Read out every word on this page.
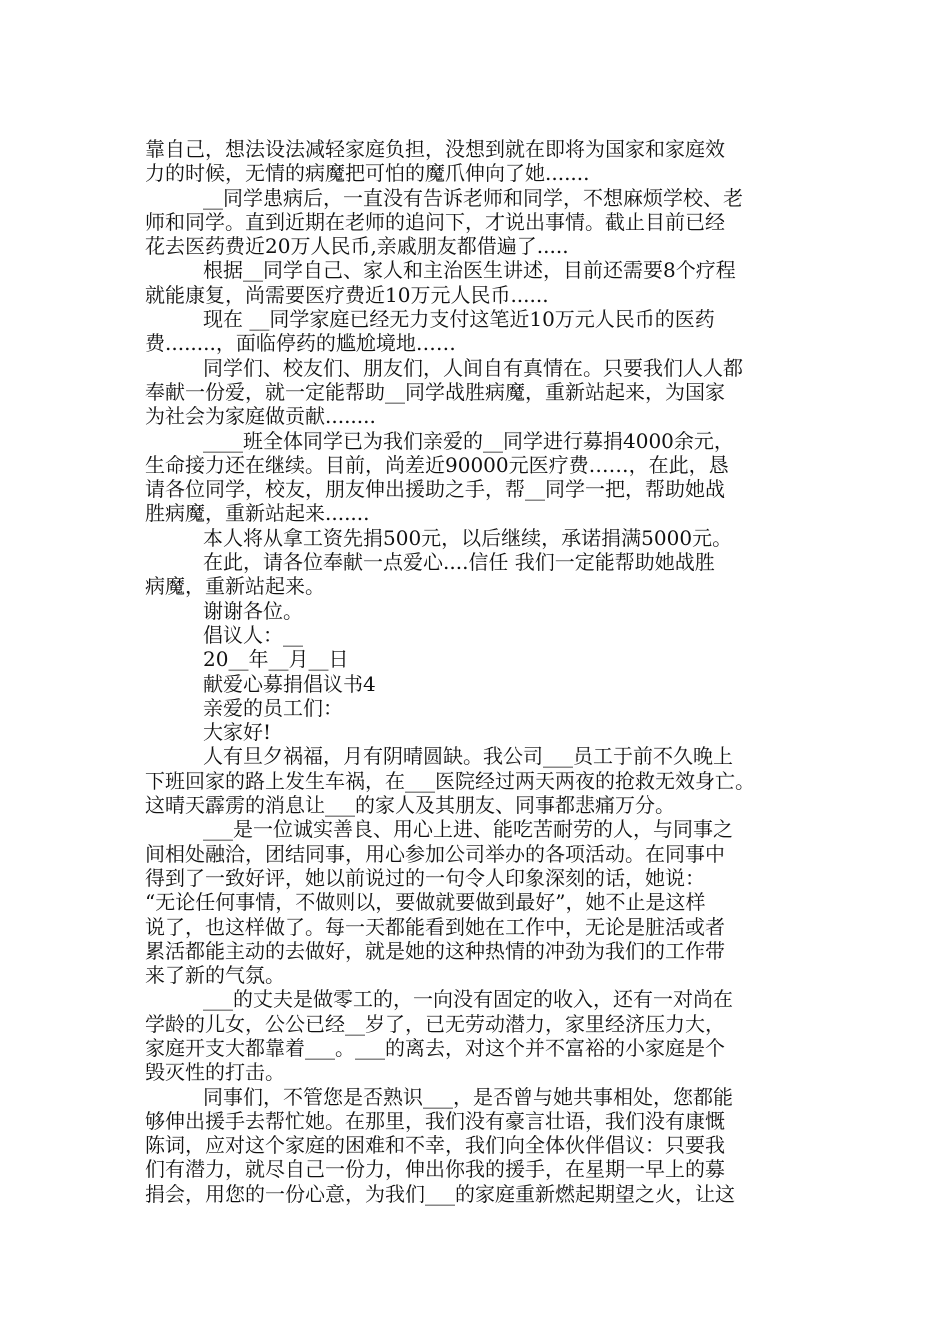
靠自己，想法设法减轻家庭负担，没想到就在即将为国家和家庭效

力的时候，无情的病魔把可怕的魔爪伸向了她.......

__同学患病后，一直没有告诉老师和同学，不想麻烦学校、老

师和同学。直到近期在老师的追问下，才说出事情。截止目前已经

花去医药费近20万人民币,亲戚朋友都借遍了.....

根据__同学自己、家人和主治医生讲述，目前还需要8个疗程

就能康复，尚需要医疗费近10万元人民币......

现在 __同学家庭已经无力支付这笔近10万元人民币的医药

费........，面临停药的尴尬境地……

同学们、校友们、朋友们，人间自有真情在。只要我们人人都

奉献一份爱，就一定能帮助__同学战胜病魔，重新站起来，为国家

为社会为家庭做贡献........

____班全体同学已为我们亲爱的__同学进行募捐4000余元，

生命接力还在继续。目前，尚差近90000元医疗费……，在此，恳

请各位同学，校友，朋友伸出援助之手，帮__同学一把，帮助她战

胜病魔，重新站起来.......

本人将从拿工资先捐500元，以后继续，承诺捐满5000元。

在此，请各位奉献一点爱心....信任 我们一定能帮助她战胜

病魔，重新站起来。

谢谢各位。

倡议人：__

20__年__月__日

献爱心募捐倡议书4

亲爱的员工们：

大家好!

人有旦夕祸福，月有阴晴圆缺。我公司___员工于前不久晚上

下班回家的路上发生车祸，在___医院经过两天两夜的抢救无效身亡。

这晴天霹雳的消息让___的家人及其朋友、同事都悲痛万分。

___是一位诚实善良、用心上进、能吃苦耐劳的人，与同事之

间相处融洽，团结同事，用心参加公司举办的各项活动。在同事中

得到了一致好评，她以前说过的一句令人印象深刻的话，她说：

“无论任何事情，不做则以，要做就要做到最好”，她不止是这样

说了，也这样做了。每一天都能看到她在工作中，无论是脏活或者

累活都能主动的去做好，就是她的这种热情的冲劲为我们的工作带

来了新的气氛。

___的丈夫是做零工的，一向没有固定的收入，还有一对尚在

学龄的儿女，公公已经__岁了，已无劳动潜力，家里经济压力大，

家庭开支大都靠着___。___的离去，对这个并不富裕的小家庭是个

毁灭性的打击。

同事们，不管您是否熟识___，是否曾与她共事相处，您都能

够伸出援手去帮忙她。在那里，我们没有豪言壮语，我们没有康慨

陈词，应对这个家庭的困难和不幸，我们向全体伙伴倡议：只要我

们有潜力，就尽自己一份力，伸出你我的援手，在星期一早上的募

捐会，用您的一份心意，为我们___的家庭重新燃起期望之火，让这
